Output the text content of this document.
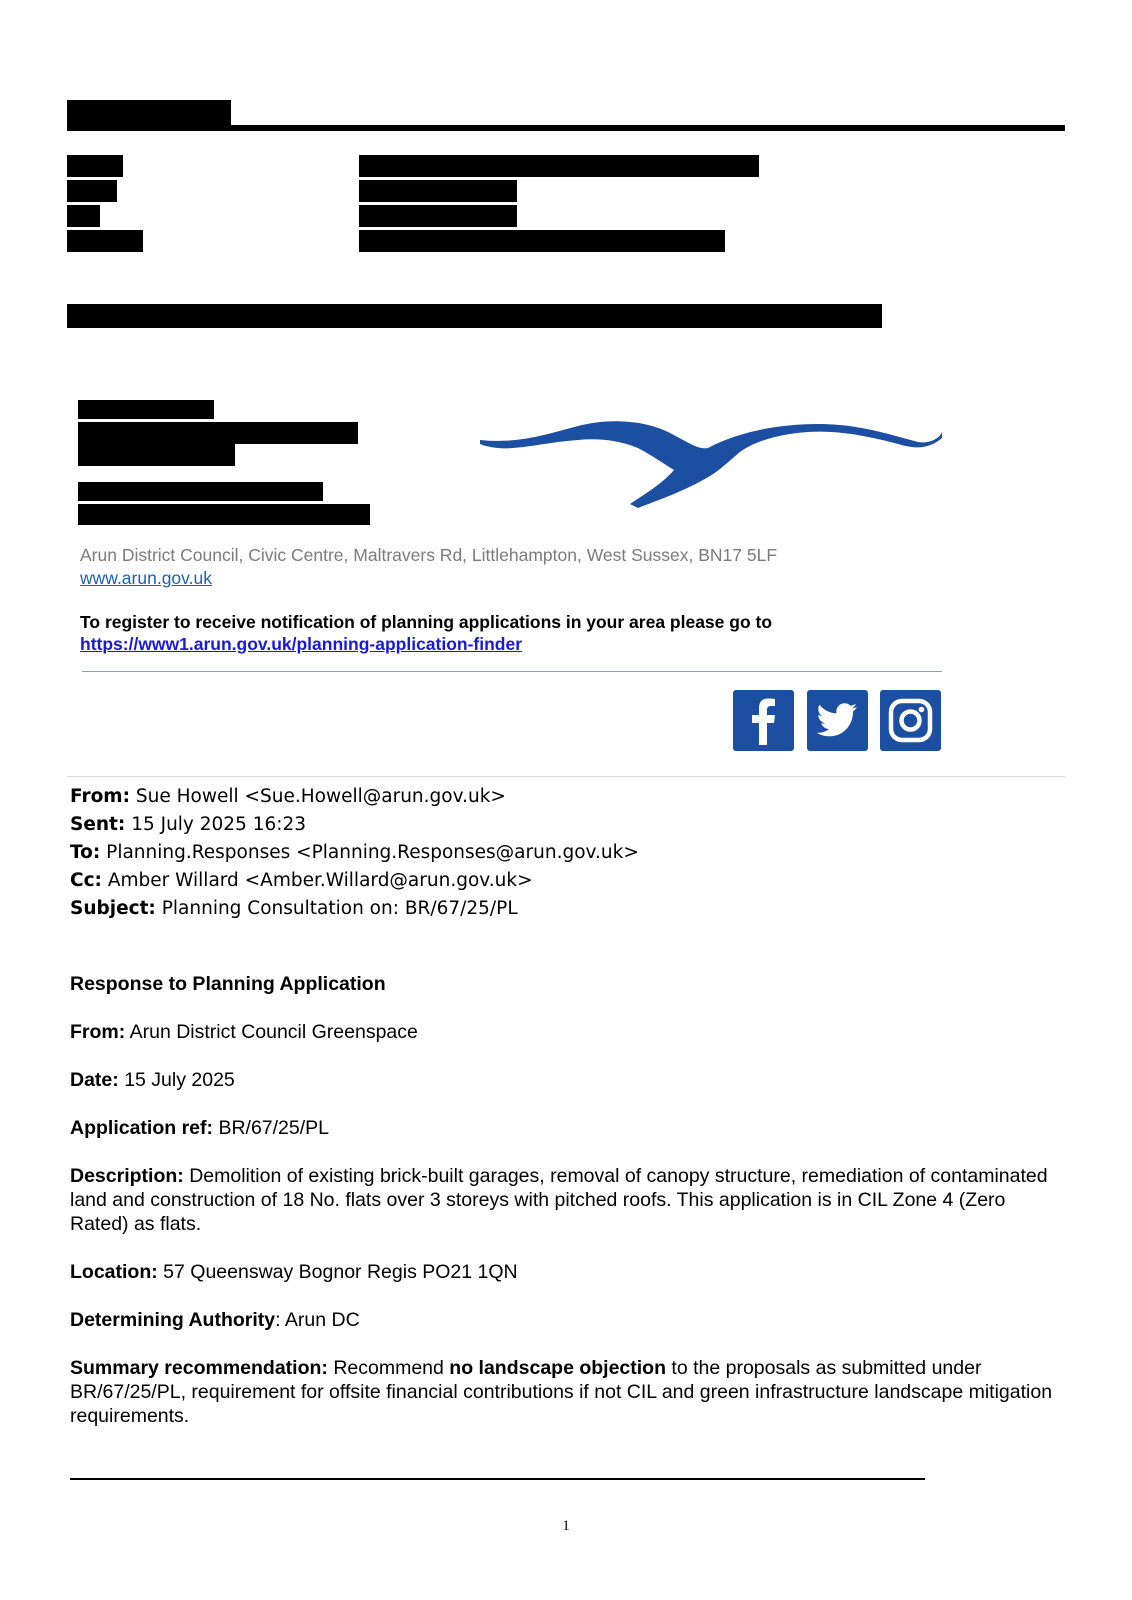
Arun District Council, Civic Centre, Maltravers Rd, Littlehampton, West Sussex, BN17 5LF
www.arun.gov.uk
To register to receive notification of planning applications in your area please go to
https://www1.arun.gov.uk/planning-application-finder
From: Sue Howell <Sue.Howell@arun.gov.uk>
Sent: 15 July 2025 16:23
To: Planning.Responses <Planning.Responses@arun.gov.uk>
Cc: Amber Willard <Amber.Willard@arun.gov.uk>
Subject: Planning Consultation on: BR/67/25/PL
Response to Planning Application
From: Arun District Council Greenspace
Date: 15 July 2025
Application ref: BR/67/25/PL
Description: Demolition of existing brick-built garages, removal of canopy structure, remediation of contaminated land and construction of 18 No. flats over 3 storeys with pitched roofs. This application is in CIL Zone 4 (Zero Rated) as flats.
Location: 57 Queensway Bognor Regis PO21 1QN
Determining Authority: Arun DC
Summary recommendation: Recommend no landscape objection to the proposals as submitted under BR/67/25/PL, requirement for offsite financial contributions if not CIL and green infrastructure landscape mitigation requirements.
1
